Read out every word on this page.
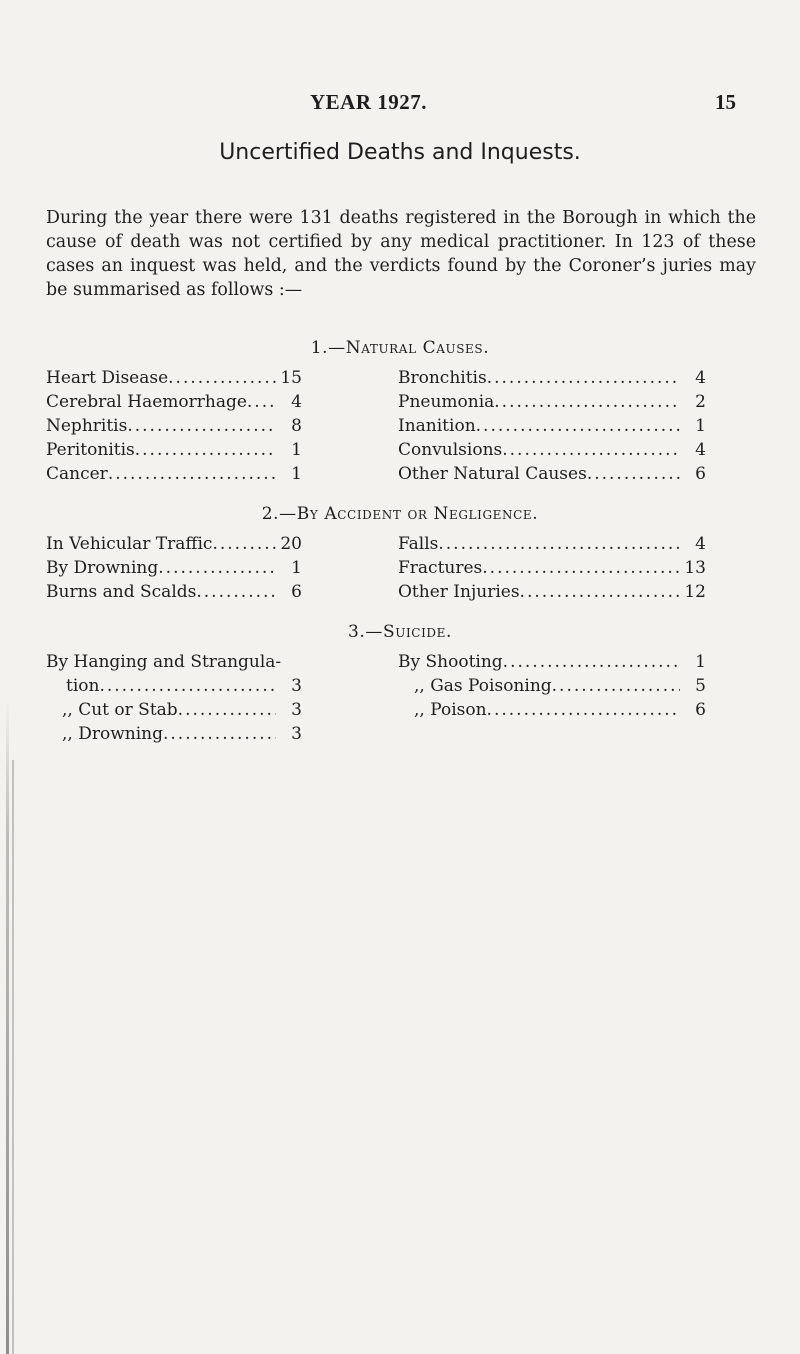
YEAR 1927.	15
Uncertified Deaths and Inquests.
During the year there were 131 deaths registered in the Borough in which the cause of death was not certified by any medical practitioner. In 123 of these cases an inquest was held, and the verdicts found by the Coroner’s juries may be summarised as follows :—
1.—Natural Causes.
Heart Disease .....	15
Cerebral Haemorrhage .....	4
Nephritis .....	8
Peritonitis .....	1
Cancer .....	1
Bronchitis .....	4
Pneumonia .....	2
Inanition .....	1
Convulsions .....	4
Other Natural Causes .....	6
2.—By Accident or Negligence.
In Vehicular Traffic .....	20
By Drowning .....	1
Burns and Scalds .....	6
Falls .....	4
Fractures .....	13
Other Injuries .....	12
3.—Suicide.
By Hanging and Strangula-
tion .....	3
,, Cut or Stab .....	3
,, Drowning .....	3
By Shooting .....	1
,, Gas Poisoning .....	5
,, Poison .....	6
